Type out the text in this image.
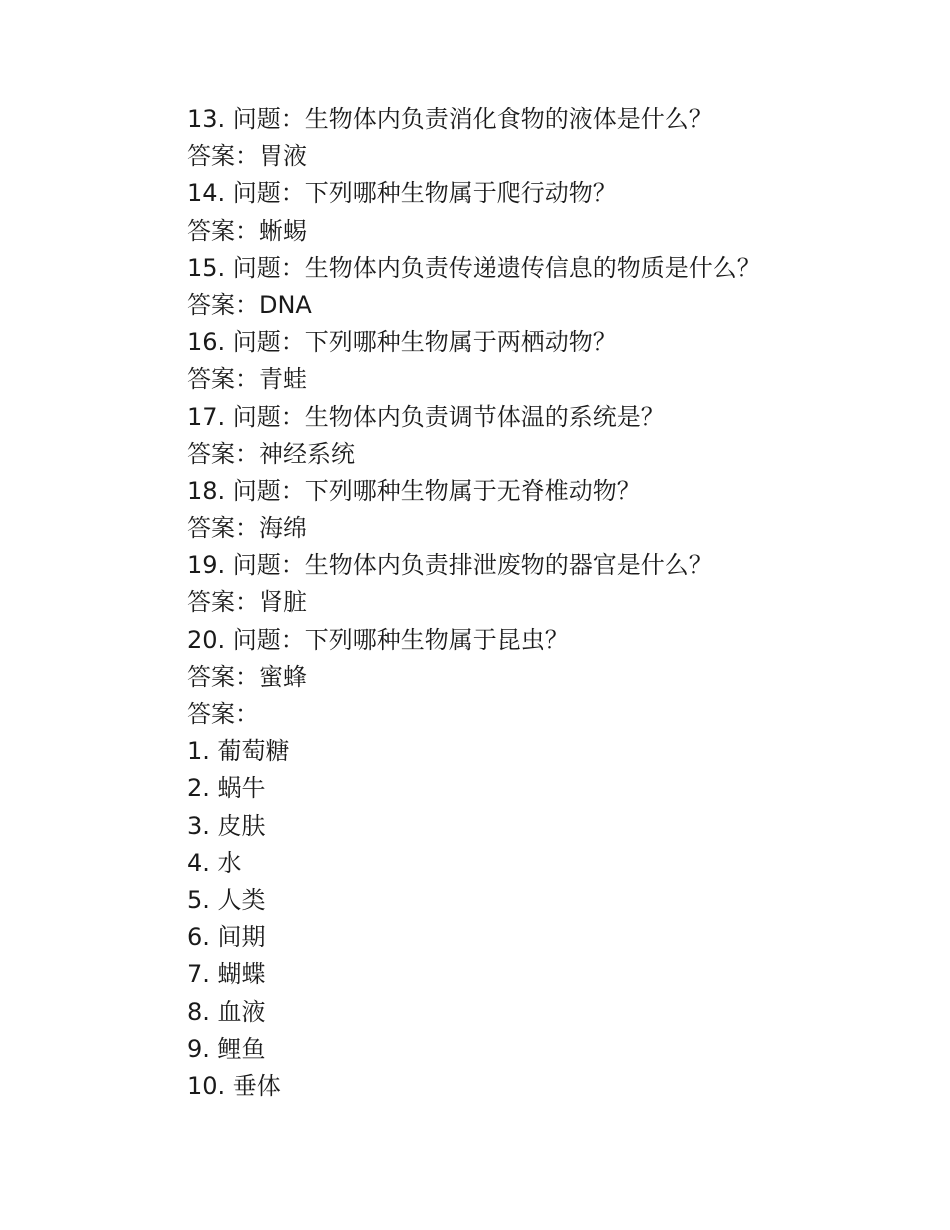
13. 问题：生物体内负责消化食物的液体是什么？
答案：胃液
14. 问题：下列哪种生物属于爬行动物？
答案：蜥蜴
15. 问题：生物体内负责传递遗传信息的物质是什么？
答案：DNA
16. 问题：下列哪种生物属于两栖动物？
答案：青蛙
17. 问题：生物体内负责调节体温的系统是？
答案：神经系统
18. 问题：下列哪种生物属于无脊椎动物？
答案：海绵
19. 问题：生物体内负责排泄废物的器官是什么？
答案：肾脏
20. 问题：下列哪种生物属于昆虫？
答案：蜜蜂
答案：
1. 葡萄糖
2. 蜗牛
3. 皮肤
4. 水
5. 人类
6. 间期
7. 蝴蝶
8. 血液
9. 鲤鱼
10. 垂体
